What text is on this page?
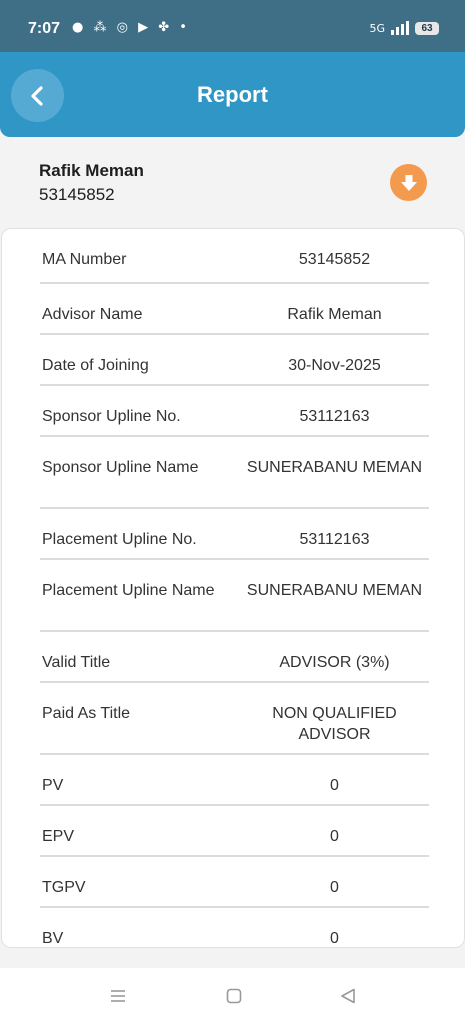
7:07 ● ⁂ ◎ ▶ ✤ •	5G	63
Report
Rafik Meman
53145852
MA Number	53145852
Advisor Name	Rafik Meman
Date of Joining	30-Nov-2025
Sponsor Upline No.	53112163
Sponsor Upline Name	SUNERABANU MEMAN
Placement Upline No.	53112163
Placement Upline Name	SUNERABANU MEMAN
Valid Title	ADVISOR (3%)
Paid As Title	NON QUALIFIED ADVISOR
PV	0
EPV	0
TGPV	0
BV	0
